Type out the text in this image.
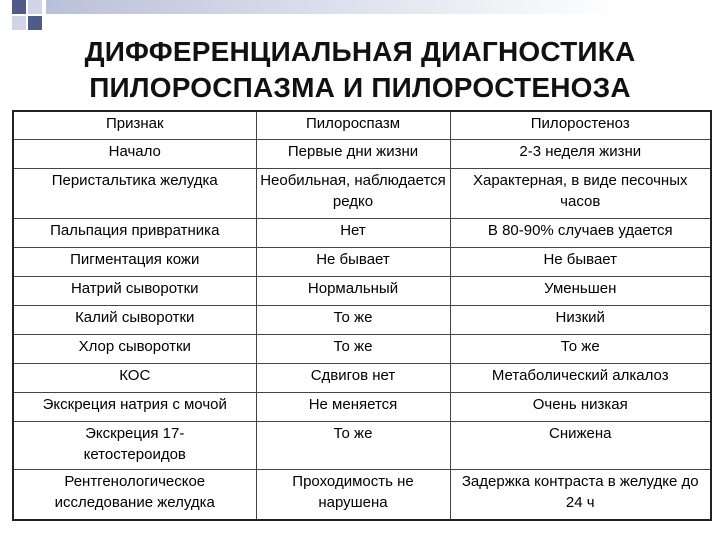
ДИФФЕРЕНЦИАЛЬНАЯ ДИАГНОСТИКА
ПИЛОРОСПАЗМА И ПИЛОРОСТЕНОЗА
Признак	Пилороспазм	Пилоростеноз
Начало	Первые дни жизни	2-3 неделя жизни
Перистальтика желудка	Необильная, наблюдается редко	Характерная, в виде песочных часов
Пальпация привратника	Нет	В 80-90% случаев удается
Пигментация кожи	Не бывает	Не бывает
Натрий сыворотки	Нормальный	Уменьшен
Калий сыворотки	То же	Низкий
Хлор сыворотки	То же	То же
КОС	Сдвигов нет	Метаболический алкалоз
Экскреция натрия с мочой	Не меняется	Очень низкая
Экскреция 17-кетостероидов	То же	Снижена
Рентгенологическое исследование желудка	Проходимость не нарушена	Задержка контраста в желудке до 24 ч
